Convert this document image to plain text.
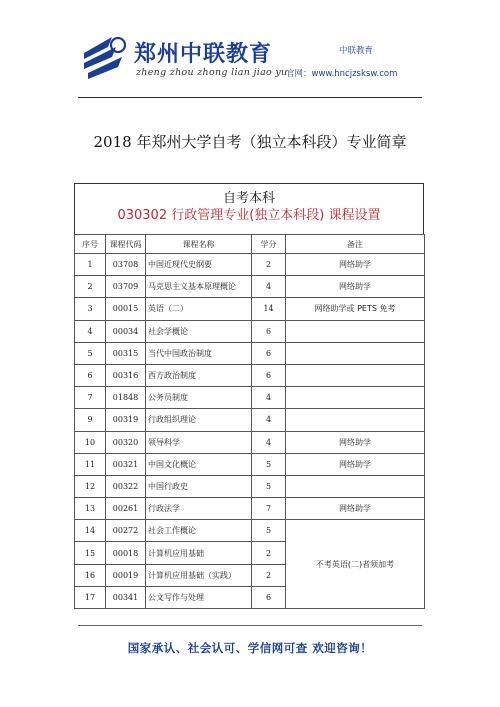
郑州中联教育
zheng zhou zhong lian jiao yu
中联教育
官网：www.hncjzsksw.com
2018 年郑州大学自考（独立本科段）专业简章
自考本科
030302 行政管理专业(独立本科段) 课程设置
序号	课程代码	课程名称	学分	备注
1	03708	中国近现代史纲要	2	网络助学
2	03709	马克思主义基本原理概论	4	网络助学
3	00015	英语（二）	14	网络助学或 PETS 免考
4	00034	社会学概论	6	
5	00315	当代中国政治制度	6	
6	00316	西方政治制度	6	
7	01848	公务员制度	4	
9	00319	行政组织理论	4	
10	00320	领导科学	4	网络助学
11	00321	中国文化概论	5	网络助学
12	00322	中国行政史	5	
13	00261	行政法学	7	网络助学
14	00272	社会工作概论	5	不考英语(二)者须加考
15	00018	计算机应用基础	2	
16	00019	计算机应用基础（实践）	2	
17	00341	公文写作与处理	6	
国家承认、社会认可、学信网可查 欢迎咨询！
